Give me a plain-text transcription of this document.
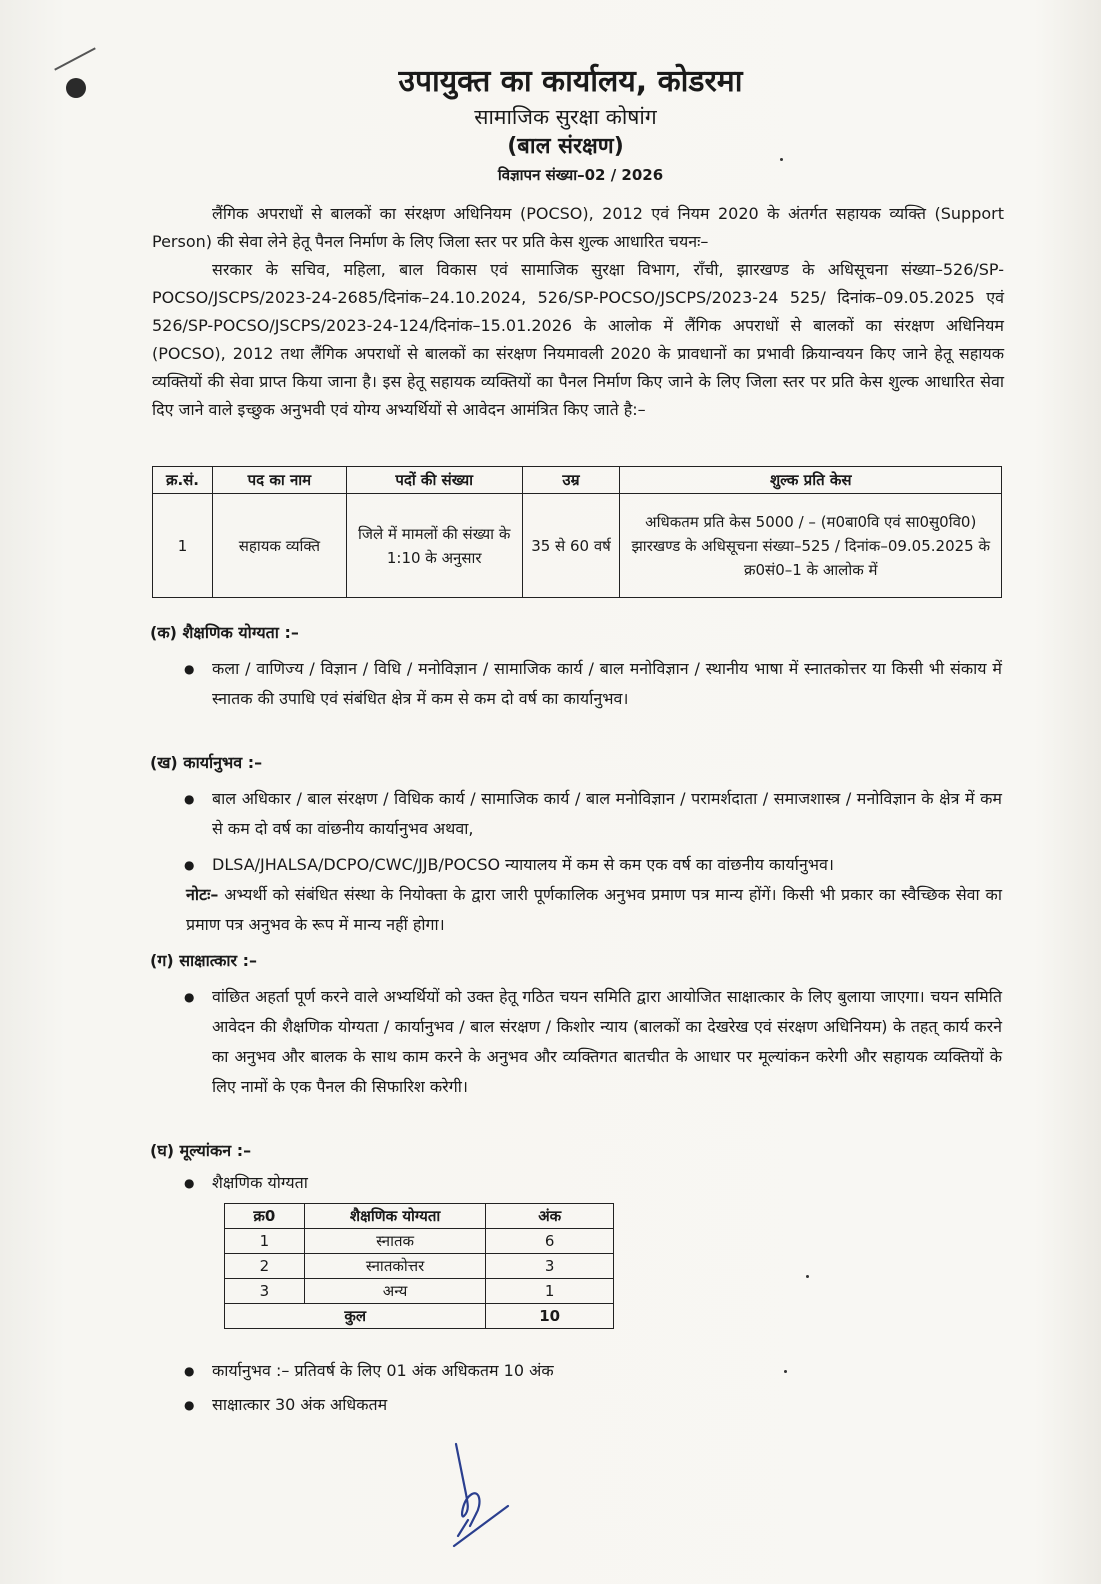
उपायुक्त का कार्यालय, कोडरमा
सामाजिक सुरक्षा कोषांग
(बाल संरक्षण)
विज्ञापन संख्या–02 / 2026
लैंगिक अपराधों से बालकों का संरक्षण अधिनियम (POCSO), 2012 एवं नियम 2020 के अंतर्गत सहायक व्यक्ति (Support Person) की सेवा लेने हेतू पैनल निर्माण के लिए जिला स्तर पर प्रति केस शुल्क आधारित चयनः–
सरकार के सचिव, महिला, बाल विकास एवं सामाजिक सुरक्षा विभाग, राँची, झारखण्ड के अधिसूचना संख्या–526/SP-POCSO/JSCPS/2023-24-2685/दिनांक–24.10.2024, 526/SP-POCSO/JSCPS/2023-24 525/ दिनांक–09.05.2025 एवं 526/SP-POCSO/JSCPS/2023-24-124/दिनांक–15.01.2026 के आलोक में लैंगिक अपराधों से बालकों का संरक्षण अधिनियम (POCSO), 2012 तथा लैंगिक अपराधों से बालकों का संरक्षण नियमावली 2020 के प्रावधानों का प्रभावी क्रियान्वयन किए जाने हेतू सहायक व्यक्तियों की सेवा प्राप्त किया जाना है। इस हेतू सहायक व्यक्तियों का पैनल निर्माण किए जाने के लिए जिला स्तर पर प्रति केस शुल्क आधारित सेवा दिए जाने वाले इच्छुक अनुभवी एवं योग्य अभ्यर्थियों से आवेदन आमंत्रित किए जाते है:–
क्र.सं.	पद का नाम	पदों की संख्या	उम्र	शुल्क प्रति केस
1	सहायक व्यक्ति	जिले में मामलों की संख्या के 1:10 के अनुसार	35 से 60 वर्ष	अधिकतम प्रति केस 5000 / – (म0बा0वि एवं सा0सु0वि0) झारखण्ड के अधिसूचना संख्या–525 / दिनांक–09.05.2025 के क्र0सं0–1 के आलोक में
(क) शैक्षणिक योग्यता :–
● कला / वाणिज्य / विज्ञान / विधि / मनोविज्ञान / सामाजिक कार्य / बाल मनोविज्ञान / स्थानीय भाषा में स्नातकोत्तर या किसी भी संकाय में स्नातक की उपाधि एवं संबंधित क्षेत्र में कम से कम दो वर्ष का कार्यानुभव।
(ख) कार्यानुभव :–
● बाल अधिकार / बाल संरक्षण / विधिक कार्य / सामाजिक कार्य / बाल मनोविज्ञान / परामर्शदाता / समाजशास्त्र / मनोविज्ञान के क्षेत्र में कम से कम दो वर्ष का वांछनीय कार्यानुभव अथवा,
● DLSA/JHALSA/DCPO/CWC/JJB/POCSO न्यायालय में कम से कम एक वर्ष का वांछनीय कार्यानुभव।
नोटः– अभ्यर्थी को संबंधित संस्था के नियोक्ता के द्वारा जारी पूर्णकालिक अनुभव प्रमाण पत्र मान्य होंगें। किसी भी प्रकार का स्वैच्छिक सेवा का प्रमाण पत्र अनुभव के रूप में मान्य नहीं होगा।
(ग) साक्षात्कार :–
● वांछित अहर्ता पूर्ण करने वाले अभ्यर्थियों को उक्त हेतू गठित चयन समिति द्वारा आयोजित साक्षात्कार के लिए बुलाया जाएगा। चयन समिति आवेदन की शैक्षणिक योग्यता / कार्यानुभव / बाल संरक्षण / किशोर न्याय (बालकों का देखरेख एवं संरक्षण अधिनियम) के तहत् कार्य करने का अनुभव और बालक के साथ काम करने के अनुभव और व्यक्तिगत बातचीत के आधार पर मूल्यांकन करेगी और सहायक व्यक्तियों के लिए नामों के एक पैनल की सिफारिश करेगी।
(घ) मूल्यांकन :–
● शैक्षणिक योग्यता
क्र0	शैक्षणिक योग्यता	अंक
1	स्नातक	6
2	स्नातकोत्तर	3
3	अन्य	1
कुल		10
● कार्यानुभव :– प्रतिवर्ष के लिए 01 अंक अधिकतम 10 अंक
● साक्षात्कार 30 अंक अधिकतम
